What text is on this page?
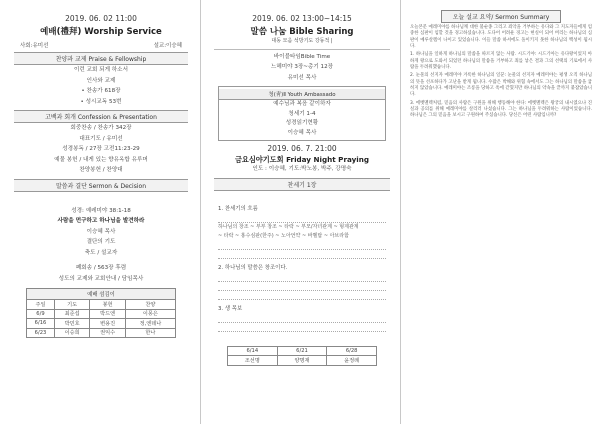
2019. 06. 02 11:00
예배(禮拜) Worship Service
사회:유미선	설교:이승혜
찬양과 교제 Praise & Fellowship
이런 교회 되게 하소서
인사와 교제
• 찬송가 618장
• 성시교독 53번
고백과 회개 Confession & Presentation
회중찬송 / 찬송가 342장
대표기도 / 유미선
성경봉독 / 27장 고전11:23-29
예물 봉헌 / 내게 있는 향유옥합 유루머
찬양봉헌 / 찬양대
말씀과 결단 Sermon & Decision
성경: 예레미야 38:1-18
사람을 먼구하고 하나님을 발견하라
이승혜 목사
결단의 기도
축도 / 설교자
폐회송 / 563장 후렴
성도의 교제와 교회안내 / 담임목사
예배 섬김이
주일	기도	봉헌	찬양
6/9	최준섭	박드엔	이몽은
6/16	박민호	변용진	정,엔데나
6/23	이승희	권익수	한나
2019. 06. 02 13:00~14:15
말씀 나눔 Bible Sharing
대동 모음 석방기도 강동적 |
바이블타임Bible Time
느헤미야 3장~총기 12장
유미선 목사
청(靑)Ⅱ Youth Ambassado
예수님과 복음 같이하자
청세기 1-4
성경읽기현황
이승혜 목사
2019. 06. 7. 21:00
금요심야기도회 Friday Night Praying
인도 : 이승혜, 기도:박노봉, 박주, 강명숙
찬세기 1장
1. 찬세기의 흐름
하나님의 창조 ~ 부부 창조 ~ 타락 ~ 부모/자녀관계 ~ 형제관계
~ 타락 ~ 홍수심판(한주) ~ 노아언약 ~ 바벨탑 ~ 아브라함
2. 하나님의 말씀은 창조이다.
3. 생 목보
6/14	6/21	6/28
조선명	양명재	윤정례
오늘 설교 요약/ Sermon Summary
오늘본문 예레미야를 하나님께 대한 불순종 그리고 죄악을 거부하는 유다와 그 지도자들에게 엄중한 심판이 임할 것을 경고하셨습니다. 도다어 어려운 경고는 현실이 되어 버리는 하나님의 심판이 예루살렘이 나이고 있었습니다. 이들 말씀 하셔에도 돌이키지 못한 하나님의 백성이 됩시다.
1. 하나님을 일하게 하나님의 말씀을 따르지 않는 사람. 시드기야: 시드기아는 유다왕이었지 아하게 왕으로 도와서 되었던 하나님의 말씀을 거부하고 죄를 낳은 결과 그의 선택의 기로에서 사람을 두려워했습니다.
2. 눈물의 선지자 예레미야 겨룩한 하나님의 일꾼: 눈물의 선지자 예레미야는 평생 오직 하나님의 뜻을 선포하다가 고난을 받게 됩니다. 수많은 박해와 위협 속에서도 그는 하나님의 말씀을 굽히지 않았습니다. 예레미야는 조롱을 당하고 옥에 갇혔지만 하나님의 약속을 끝까지 붙잡았습니다.
3. 에벳멜렉처럼, 믿음의 사람은 구원을 위해 행동해야 한다: 에벳멜렉은 왕궁의 내시였으나 진실과 공의를 위해 예레미야를 살리러 나섰습니다. 그는 하나님을 두려워하는 사람이었습니다. 하나님은 그의 믿음을 보시고 구원하여 주셨습니다. 당신은 어떤 사람입니까?
